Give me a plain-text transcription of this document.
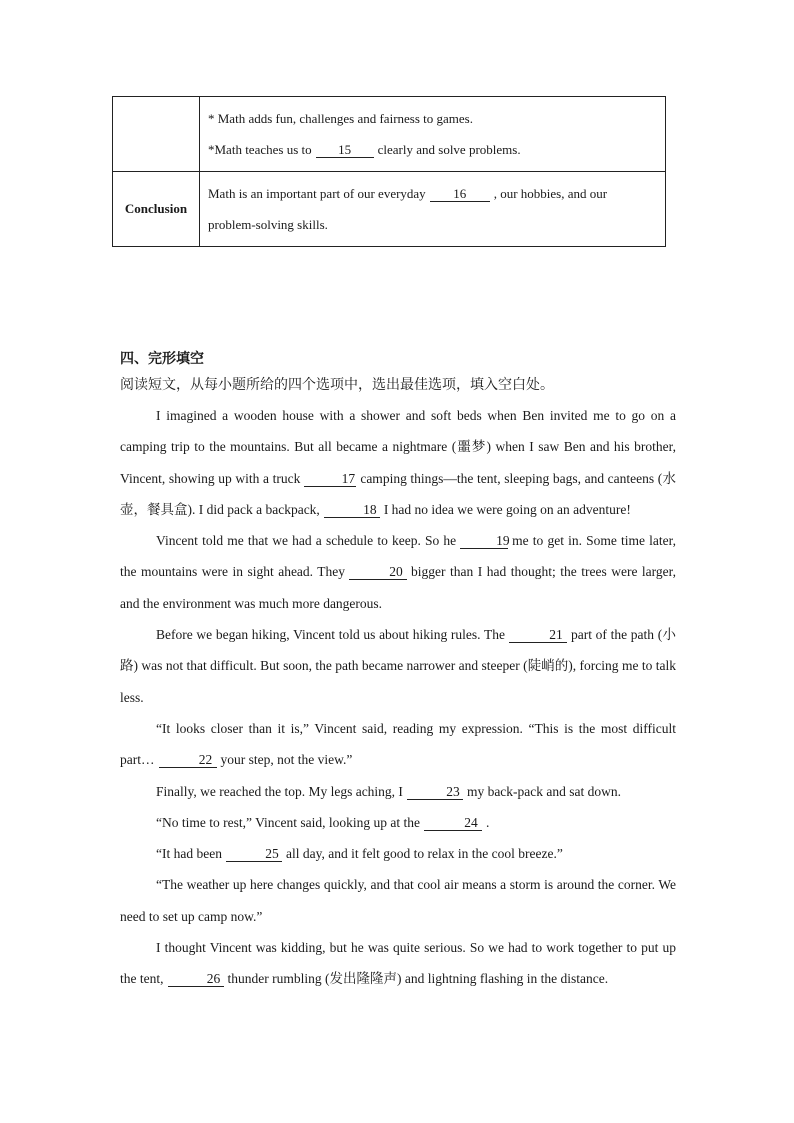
	* Math adds fun, challenges and fairness to games.
*Math teaches us to 15 clearly and solve problems.

Conclusion	Math is an important part of our everyday 16 , our hobbies, and our
problem-solving skills.
四、完形填空
阅读短文，从每小题所给的四个选项中，选出最佳选项，填入空白处。

I imagined a wooden house with a shower and soft beds when Ben invited me to go on a camping trip to the mountains. But all became a nightmare (噩梦) when I saw Ben and his brother, Vincent, showing up with a truck	17 camping things—the tent, sleeping bags, and canteens (水壶，餐具盒). I did pack a backpack,	18 I had no idea we were going on an adventure!

Vincent told me that we had a schedule to keep. So he	19 me to get in. Some time later, the mountains were in sight ahead. They	20 bigger than I had thought; the trees were larger, and the environment was much more dangerous.

Before we began hiking, Vincent told us about hiking rules. The	21 part of the path (小路) was not that difficult. But soon, the path became narrower and steeper (陡峭的), forcing me to talk less.

“It looks closer than it is,” Vincent said, reading my expression. “This is the most difficult part…	22 your step, not the view.”

Finally, we reached the top. My legs aching, I	23 my back-pack and sat down.

“No time to rest,” Vincent said, looking up at the	24 .

“It had been	25 all day, and it felt good to relax in the cool breeze.”

“The weather up here changes quickly, and that cool air means a storm is around the corner. We need to set up camp now.”

I thought Vincent was kidding, but he was quite serious. So we had to work together to put up the tent,	26 thunder rumbling (发出隆隆声) and lightning flashing in the distance.
